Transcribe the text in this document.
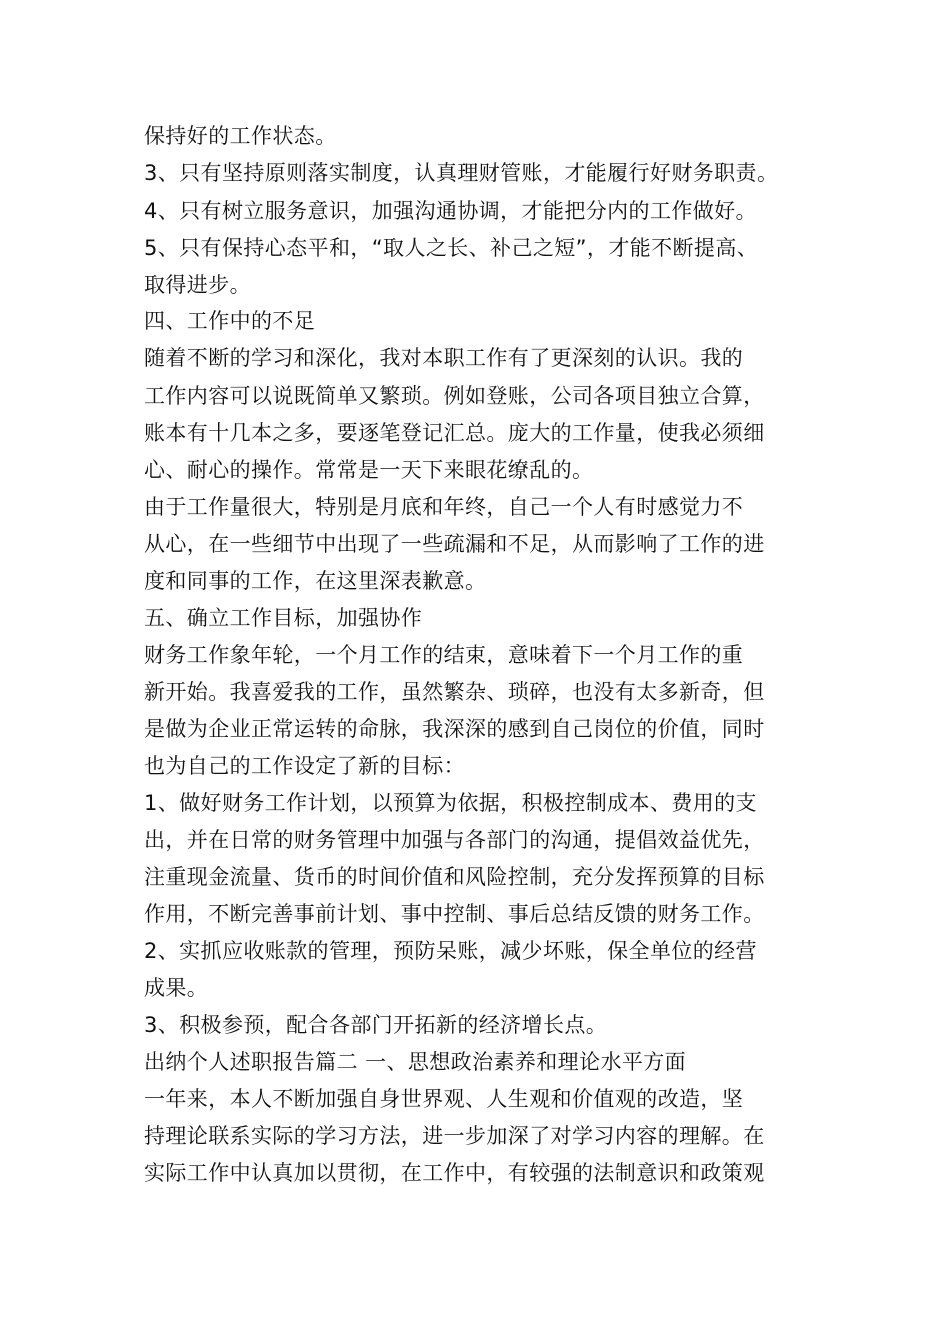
保持好的工作状态。
3、只有坚持原则落实制度，认真理财管账，才能履行好财务职责。
4、只有树立服务意识，加强沟通协调，才能把分内的工作做好。
5、只有保持心态平和，“取人之长、补己之短”，才能不断提高、
取得进步。
四、工作中的不足
随着不断的学习和深化，我对本职工作有了更深刻的认识。我的
工作内容可以说既简单又繁琐。例如登账，公司各项目独立合算，
账本有十几本之多，要逐笔登记汇总。庞大的工作量，使我必须细
心、耐心的操作。常常是一天下来眼花缭乱的。
由于工作量很大，特别是月底和年终，自己一个人有时感觉力不
从心，在一些细节中出现了一些疏漏和不足，从而影响了工作的进
度和同事的工作，在这里深表歉意。
五、确立工作目标，加强协作
财务工作象年轮，一个月工作的结束，意味着下一个月工作的重
新开始。我喜爱我的工作，虽然繁杂、琐碎，也没有太多新奇，但
是做为企业正常运转的命脉，我深深的感到自己岗位的价值，同时
也为自己的工作设定了新的目标：
1、做好财务工作计划，以预算为依据，积极控制成本、费用的支
出，并在日常的财务管理中加强与各部门的沟通，提倡效益优先，
注重现金流量、货币的时间价值和风险控制，充分发挥预算的目标
作用，不断完善事前计划、事中控制、事后总结反馈的财务工作。
2、实抓应收账款的管理，预防呆账，减少坏账，保全单位的经营
成果。
3、积极参预，配合各部门开拓新的经济增长点。
出纳个人述职报告篇二 一、思想政治素养和理论水平方面
一年来，本人不断加强自身世界观、人生观和价值观的改造，坚
持理论联系实际的学习方法，进一步加深了对学习内容的理解。在
实际工作中认真加以贯彻，在工作中，有较强的法制意识和政策观
